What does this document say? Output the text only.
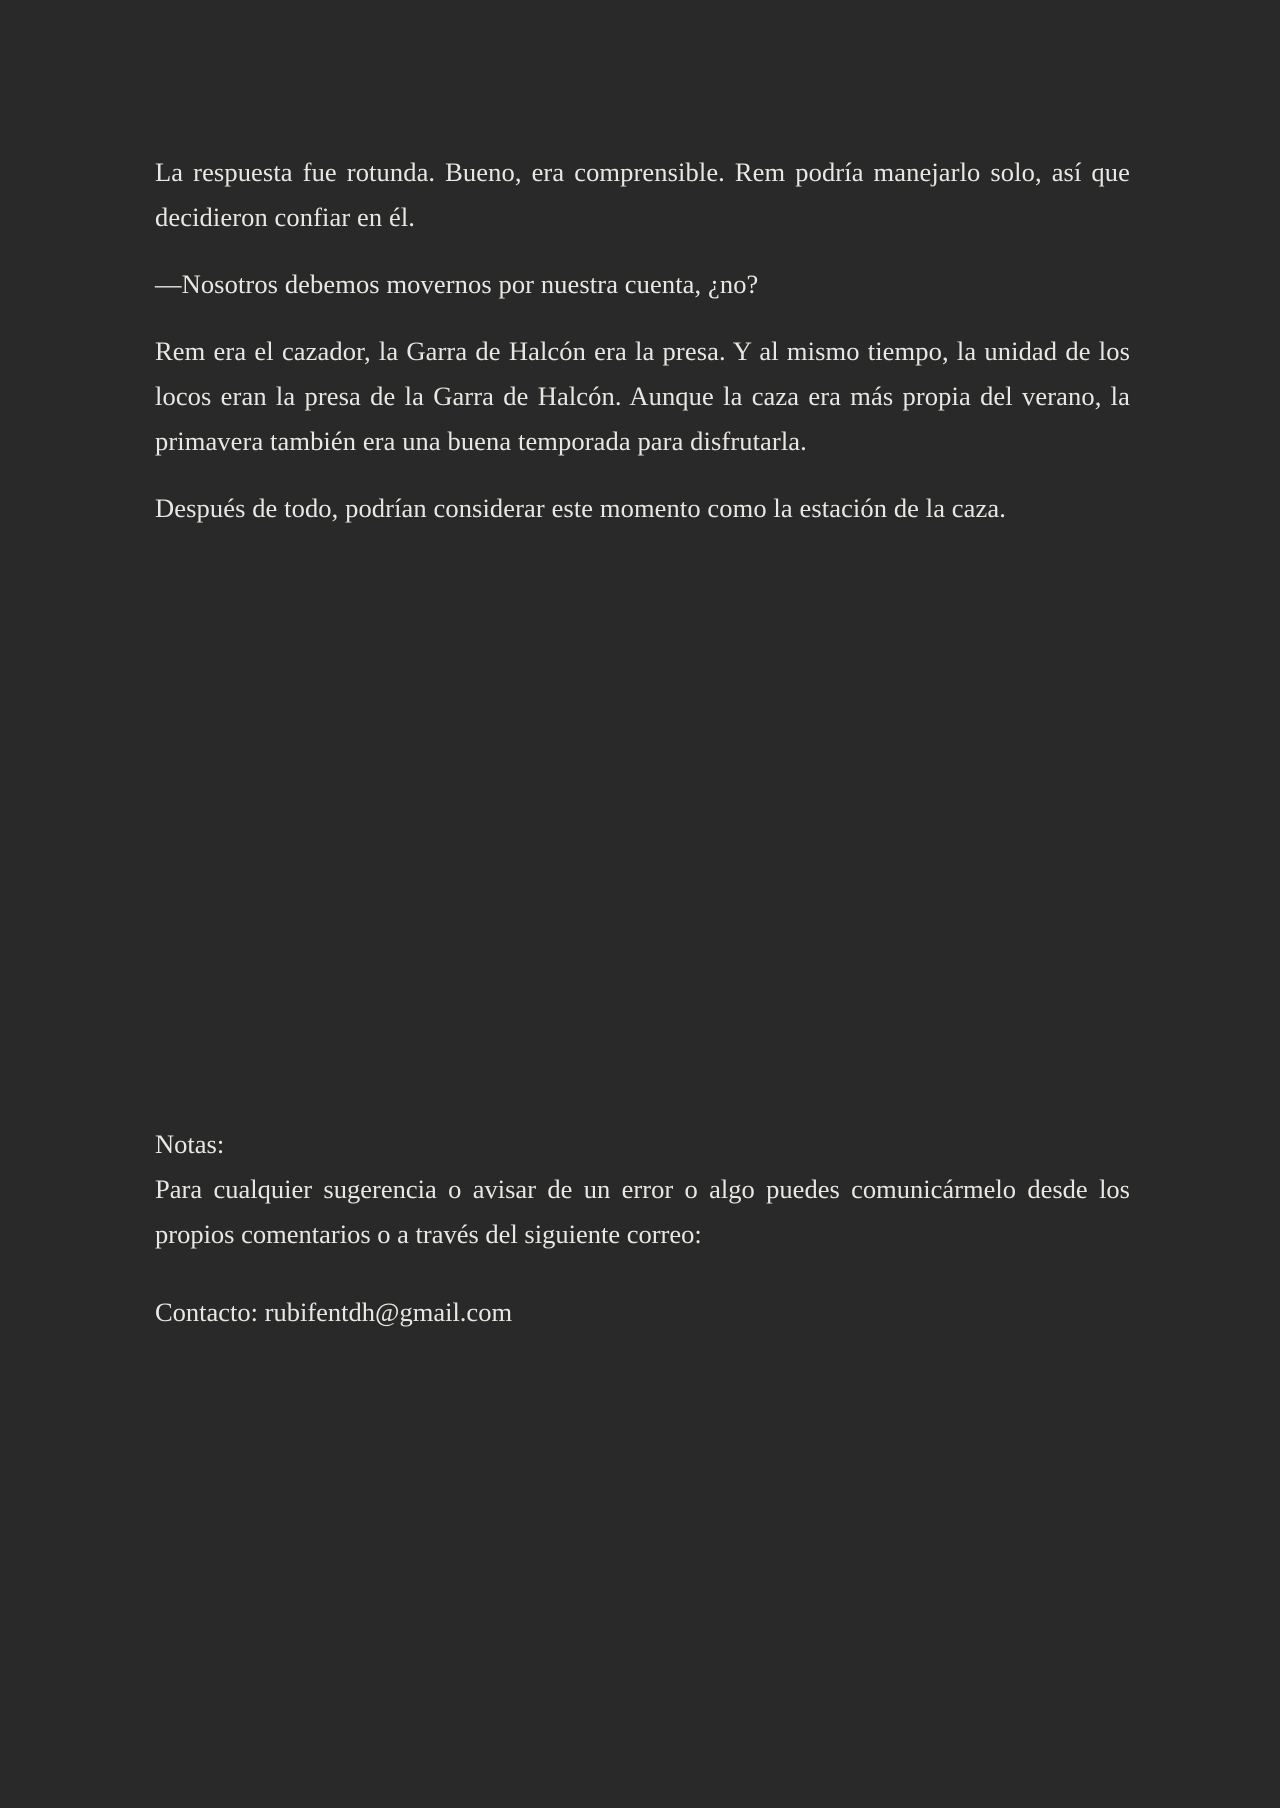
La respuesta fue rotunda. Bueno, era comprensible. Rem podría manejarlo solo, así que decidieron confiar en él.

—Nosotros debemos movernos por nuestra cuenta, ¿no?

Rem era el cazador, la Garra de Halcón era la presa. Y al mismo tiempo, la unidad de los locos eran la presa de la Garra de Halcón. Aunque la caza era más propia del verano, la primavera también era una buena temporada para disfrutarla.

Después de todo, podrían considerar este momento como la estación de la caza.

Notas:

Para cualquier sugerencia o avisar de un error o algo puedes comunicármelo desde los propios comentarios o a través del siguiente correo:

Contacto: rubifentdh@gmail.com
